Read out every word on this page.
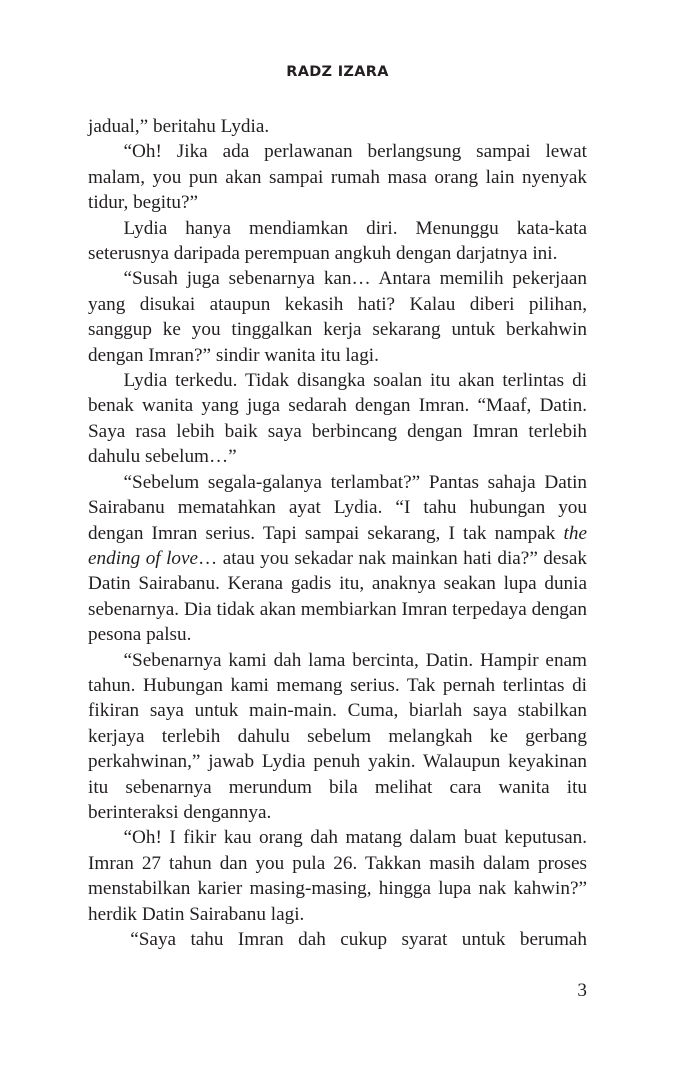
RADZ IZARA

jadual,” beritahu Lydia.

“Oh! Jika ada perlawanan berlangsung sampai lewat malam, you pun akan sampai rumah masa orang lain nyenyak tidur, begitu?”

Lydia hanya mendiamkan diri. Menunggu kata-kata seterusnya daripada perempuan angkuh dengan darjatnya ini.

“Susah juga sebenarnya kan… Antara memilih pekerjaan yang disukai ataupun kekasih hati? Kalau diberi pilihan, sanggup ke you tinggalkan kerja sekarang untuk berkahwin dengan Imran?” sindir wanita itu lagi.

Lydia terkedu. Tidak disangka soalan itu akan terlintas di benak wanita yang juga sedarah dengan Imran. “Maaf, Datin. Saya rasa lebih baik saya berbincang dengan Imran terlebih dahulu sebelum…”

“Sebelum segala-galanya terlambat?” Pantas sahaja Datin Sairabanu mematahkan ayat Lydia. “I tahu hubungan you dengan Imran serius. Tapi sampai sekarang, I tak nampak the ending of love… atau you sekadar nak mainkan hati dia?” desak Datin Sairabanu. Kerana gadis itu, anaknya seakan lupa dunia sebenarnya. Dia tidak akan membiarkan Imran terpedaya dengan pesona palsu.

“Sebenarnya kami dah lama bercinta, Datin. Hampir enam tahun. Hubungan kami memang serius. Tak pernah terlintas di fikiran saya untuk main-main. Cuma, biarlah saya stabilkan kerjaya terlebih dahulu sebelum melangkah ke gerbang perkahwinan,” jawab Lydia penuh yakin. Walaupun keyakinan itu sebenarnya merundum bila melihat cara wanita itu berinteraksi dengannya.

“Oh! I fikir kau orang dah matang dalam buat keputusan. Imran 27 tahun dan you pula 26. Takkan masih dalam proses menstabilkan karier masing-masing, hingga lupa nak kahwin?” herdik Datin Sairabanu lagi.

“Saya tahu Imran dah cukup syarat untuk berumah

3
